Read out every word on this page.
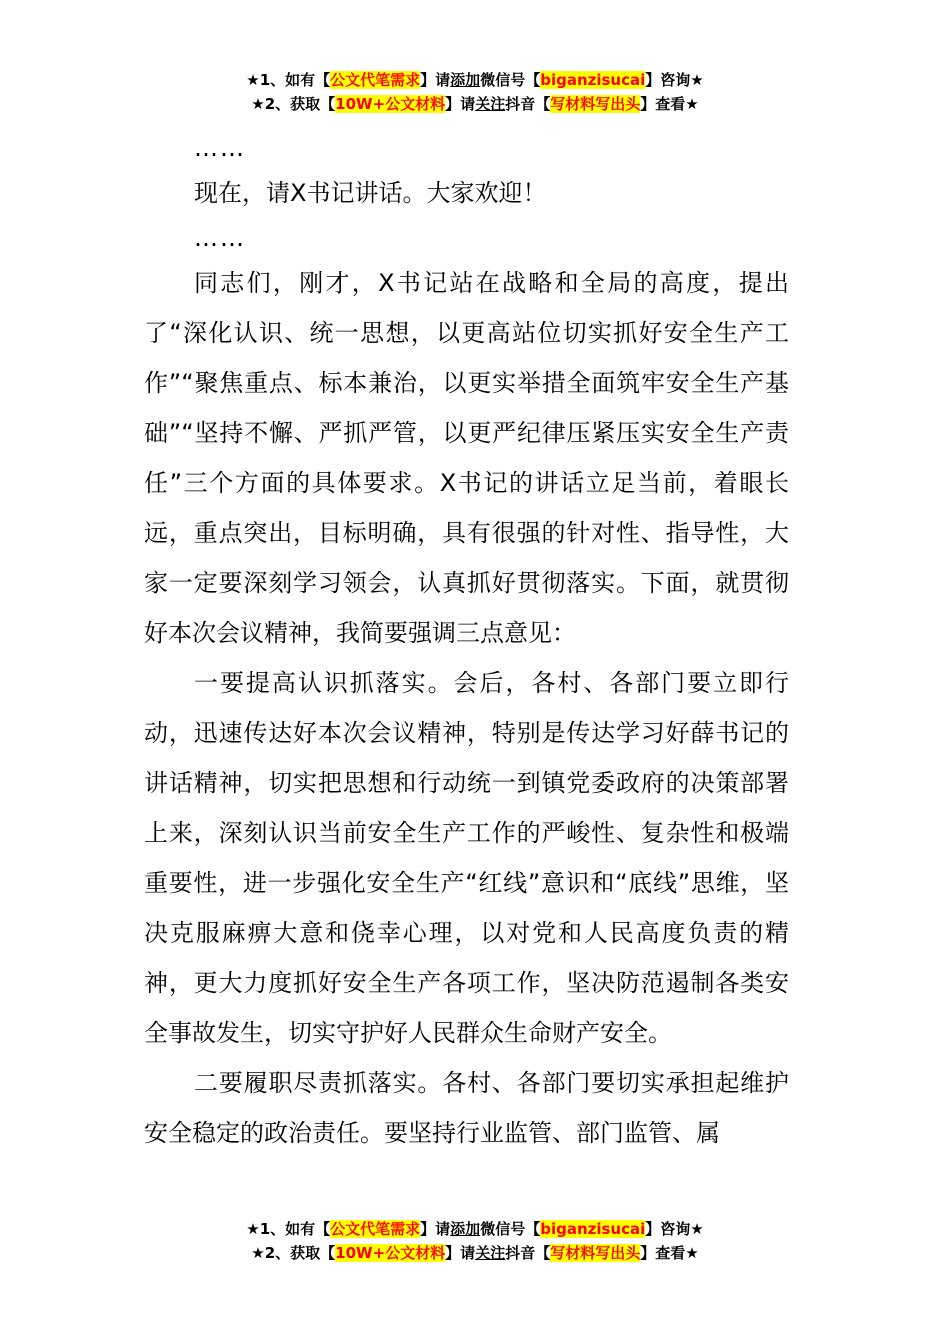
★1、如有【公文代笔需求】请添加微信号【biganzisucai】咨询★
★2、获取【10W+公文材料】请关注抖音【写材料写出头】查看★

……

现在，请X书记讲话。大家欢迎！

……

同志们，刚才，X书记站在战略和全局的高度，提出了“深化认识、统一思想，以更高站位切实抓好安全生产工作”“聚焦重点、标本兼治，以更实举措全面筑牢安全生产基础”“坚持不懈、严抓严管，以更严纪律压紧压实安全生产责任”三个方面的具体要求。X书记的讲话立足当前，着眼长远，重点突出，目标明确，具有很强的针对性、指导性，大家一定要深刻学习领会，认真抓好贯彻落实。下面，就贯彻好本次会议精神，我简要强调三点意见：

一要提高认识抓落实。会后，各村、各部门要立即行动，迅速传达好本次会议精神，特别是传达学习好薛书记的讲话精神，切实把思想和行动统一到镇党委政府的决策部署上来，深刻认识当前安全生产工作的严峻性、复杂性和极端重要性，进一步强化安全生产“红线”意识和“底线”思维，坚决克服麻痹大意和侥幸心理，以对党和人民高度负责的精神，更大力度抓好安全生产各项工作，坚决防范遏制各类安全事故发生，切实守护好人民群众生命财产安全。

二要履职尽责抓落实。各村、各部门要切实承担起维护安全稳定的政治责任。要坚持行业监管、部门监管、属

★1、如有【公文代笔需求】请添加微信号【biganzisucai】咨询★
★2、获取【10W+公文材料】请关注抖音【写材料写出头】查看★
